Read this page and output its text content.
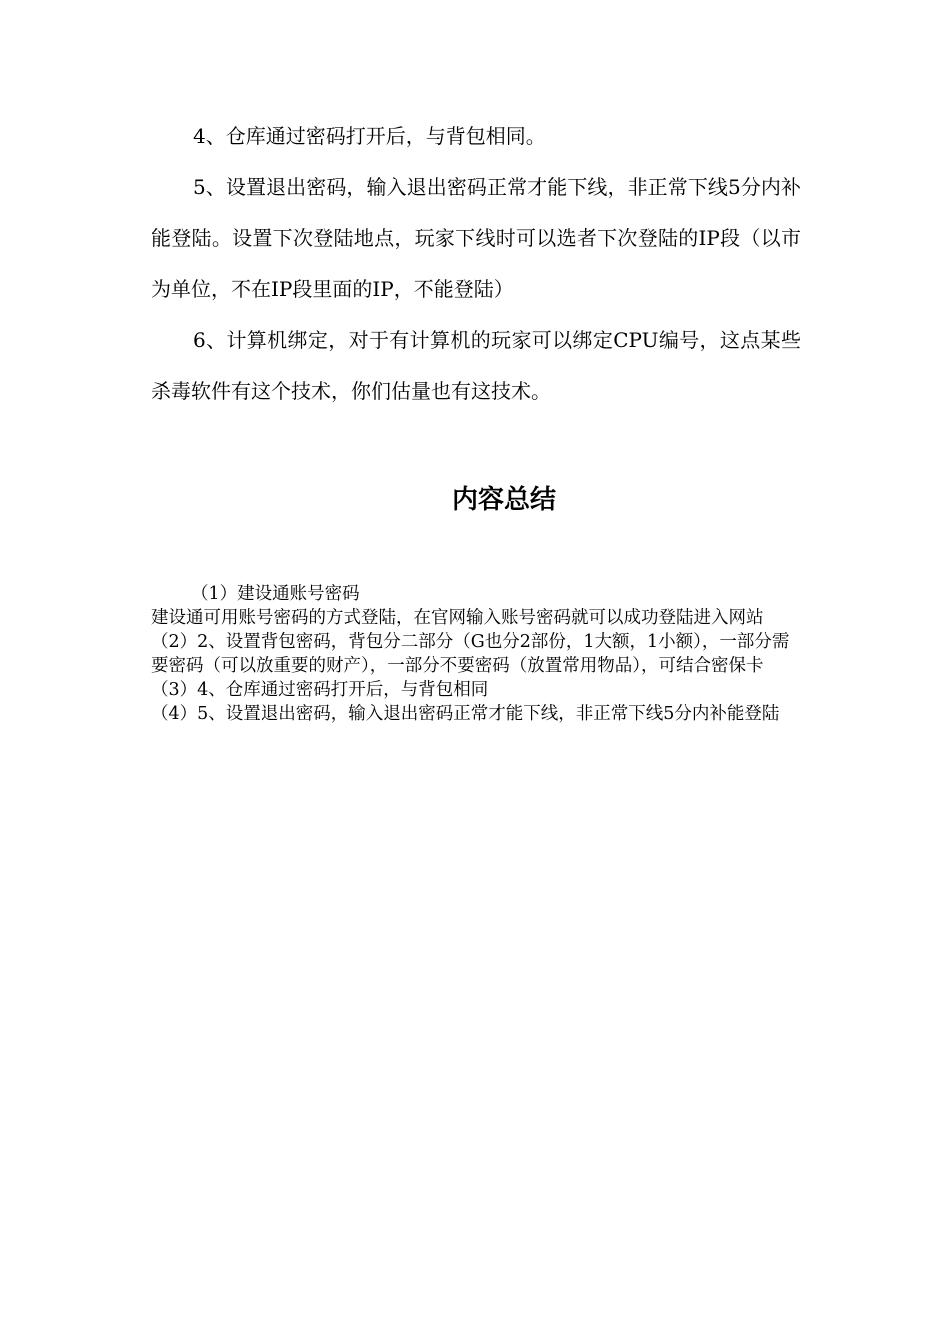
4、仓库通过密码打开后，与背包相同。

5、设置退出密码，输入退出密码正常才能下线，非正常下线5分内补能登陆。设置下次登陆地点，玩家下线时可以选者下次登陆的IP段（以市为单位，不在IP段里面的IP，不能登陆）

6、计算机绑定，对于有计算机的玩家可以绑定CPU编号，这点某些杀毒软件有这个技术，你们估量也有这技术。

内容总结

（1）建设通账号密码

建设通可用账号密码的方式登陆，在官网输入账号密码就可以成功登陆进入网站

（2）2、设置背包密码，背包分二部分（G也分2部份，1大额，1小额），一部分需要密码（可以放重要的财产），一部分不要密码（放置常用物品），可结合密保卡

（3）4、仓库通过密码打开后，与背包相同

（4）5、设置退出密码，输入退出密码正常才能下线，非正常下线5分内补能登陆
